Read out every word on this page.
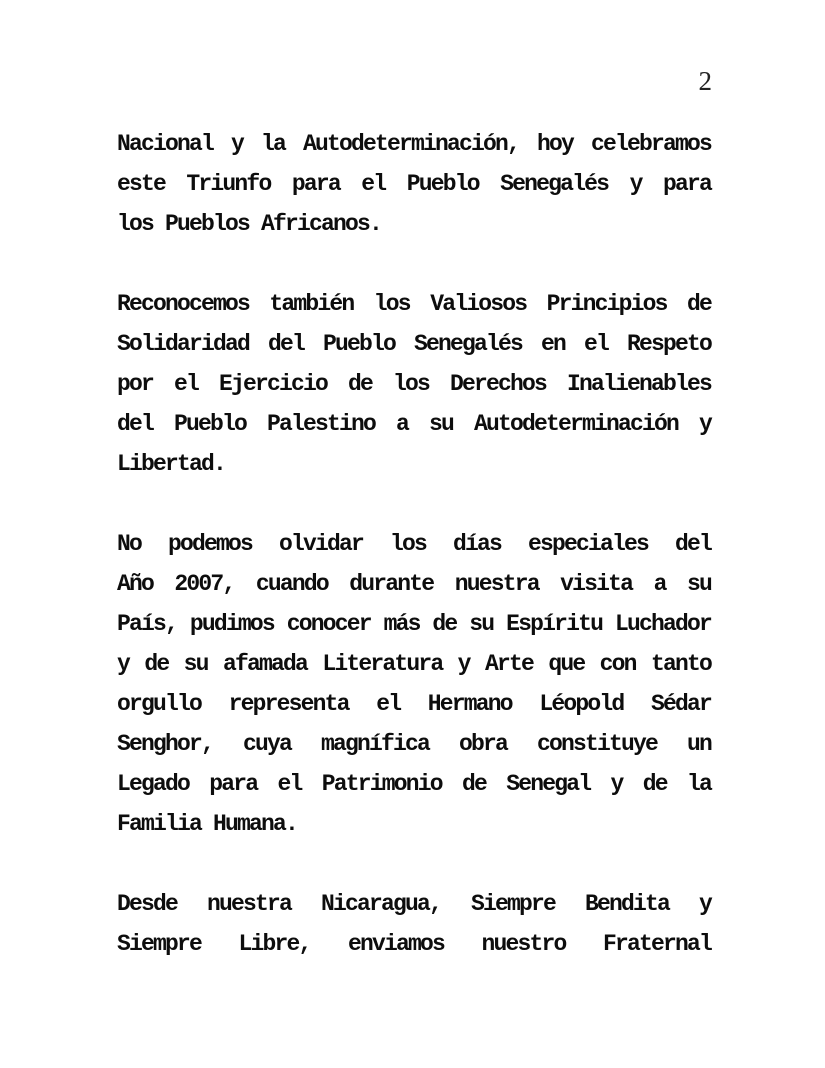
2
Nacional y la Autodeterminación, hoy celebramos
este Triunfo para el Pueblo Senegalés y para
los Pueblos Africanos.
Reconocemos también los Valiosos Principios de
Solidaridad del Pueblo Senegalés en el Respeto
por el Ejercicio de los Derechos Inalienables
del Pueblo Palestino a su Autodeterminación y
Libertad.
No podemos olvidar los días especiales del
Año 2007, cuando durante nuestra visita a su
País, pudimos conocer más de su Espíritu Luchador
y de su afamada Literatura y Arte que con tanto
orgullo representa el Hermano Léopold Sédar
Senghor, cuya magnífica obra constituye un
Legado para el Patrimonio de Senegal y de la
Familia Humana.
Desde nuestra Nicaragua, Siempre Bendita y
Siempre Libre, enviamos nuestro Fraternal
